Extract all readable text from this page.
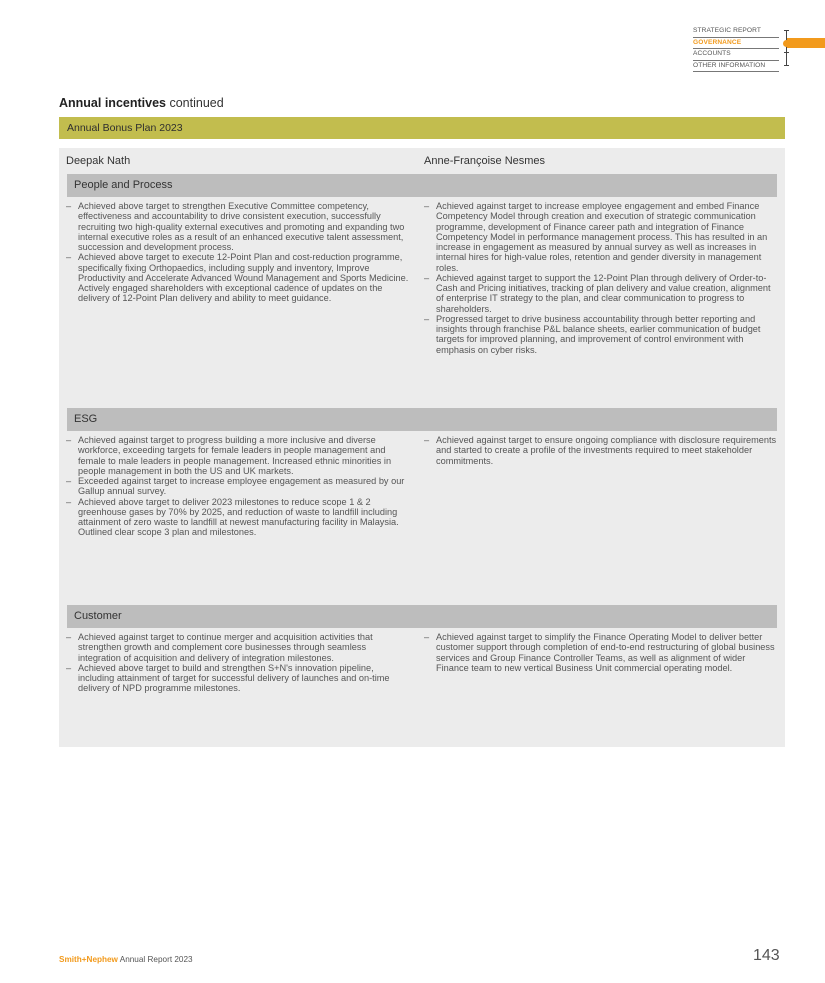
STRATEGIC REPORT
GOVERNANCE
ACCOUNTS
OTHER INFORMATION
Annual incentives continued
Annual Bonus Plan 2023
Deepak Nath	Anne-Françoise Nesmes
People and Process
– Achieved above target to strengthen Executive Committee competency, effectiveness and accountability to drive consistent execution, successfully recruiting two high-quality external executives and promoting and expanding two internal executive roles as a result of an enhanced executive talent assessment, succession and development process.
– Achieved above target to execute 12-Point Plan and cost-reduction programme, specifically fixing Orthopaedics, including supply and inventory, Improve Productivity and Accelerate Advanced Wound Management and Sports Medicine. Actively engaged shareholders with exceptional cadence of updates on the delivery of 12-Point Plan delivery and ability to meet guidance.
– Achieved against target to increase employee engagement and embed Finance Competency Model through creation and execution of strategic communication programme, development of Finance career path and integration of Finance Competency Model in performance management process. This has resulted in an increase in engagement as measured by annual survey as well as increases in internal hires for high-value roles, retention and gender diversity in management roles.
– Achieved against target to support the 12-Point Plan through delivery of Order-to-Cash and Pricing initiatives, tracking of plan delivery and value creation, alignment of enterprise IT strategy to the plan, and clear communication to progress to shareholders.
– Progressed target to drive business accountability through better reporting and insights through franchise P&L balance sheets, earlier communication of budget targets for improved planning, and improvement of control environment with emphasis on cyber risks.
ESG
– Achieved against target to progress building a more inclusive and diverse workforce, exceeding targets for female leaders in people management and female to male leaders in people management. Increased ethnic minorities in people management in both the US and UK markets.
– Exceeded against target to increase employee engagement as measured by our Gallup annual survey.
– Achieved above target to deliver 2023 milestones to reduce scope 1 & 2 greenhouse gases by 70% by 2025, and reduction of waste to landfill including attainment of zero waste to landfill at newest manufacturing facility in Malaysia. Outlined clear scope 3 plan and milestones.
– Achieved against target to ensure ongoing compliance with disclosure requirements and started to create a profile of the investments required to meet stakeholder commitments.
Customer
– Achieved against target to continue merger and acquisition activities that strengthen growth and complement core businesses through seamless integration of acquisition and delivery of integration milestones.
– Achieved above target to build and strengthen S+N's innovation pipeline, including attainment of target for successful delivery of launches and on-time delivery of NPD programme milestones.
– Achieved against target to simplify the Finance Operating Model to deliver better customer support through completion of end-to-end restructuring of global business services and Group Finance Controller Teams, as well as alignment of wider Finance team to new vertical Business Unit commercial operating model.
Smith+Nephew Annual Report 2023	143
